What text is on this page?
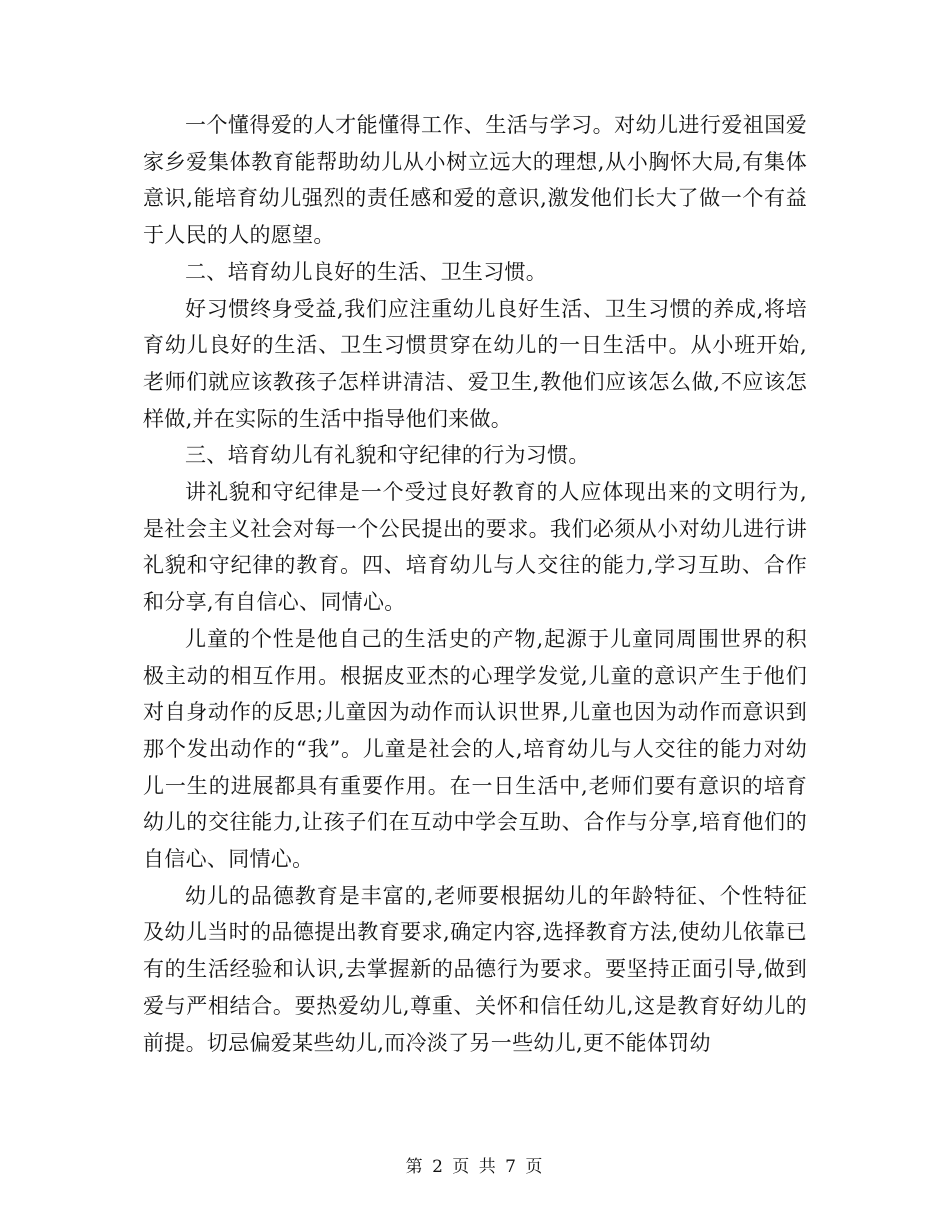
一个懂得爱的人才能懂得工作、生活与学习。对幼儿进行爱祖国爱家乡爱集体教育能帮助幼儿从小树立远大的理想,从小胸怀大局,有集体意识,能培育幼儿强烈的责任感和爱的意识,激发他们长大了做一个有益于人民的人的愿望。

二、培育幼儿良好的生活、卫生习惯。

好习惯终身受益,我们应注重幼儿良好生活、卫生习惯的养成,将培育幼儿良好的生活、卫生习惯贯穿在幼儿的一日生活中。从小班开始,老师们就应该教孩子怎样讲清洁、爱卫生,教他们应该怎么做,不应该怎样做,并在实际的生活中指导他们来做。

三、培育幼儿有礼貌和守纪律的行为习惯。

讲礼貌和守纪律是一个受过良好教育的人应体现出来的文明行为,是社会主义社会对每一个公民提出的要求。我们必须从小对幼儿进行讲礼貌和守纪律的教育。四、培育幼儿与人交往的能力,学习互助、合作和分享,有自信心、同情心。

儿童的个性是他自己的生活史的产物,起源于儿童同周围世界的积极主动的相互作用。根据皮亚杰的心理学发觉,儿童的意识产生于他们对自身动作的反思;儿童因为动作而认识世界,儿童也因为动作而意识到那个发出动作的“我”。儿童是社会的人,培育幼儿与人交往的能力对幼儿一生的进展都具有重要作用。在一日生活中,老师们要有意识的培育幼儿的交往能力,让孩子们在互动中学会互助、合作与分享,培育他们的自信心、同情心。

幼儿的品德教育是丰富的,老师要根据幼儿的年龄特征、个性特征及幼儿当时的品德提出教育要求,确定内容,选择教育方法,使幼儿依靠已有的生活经验和认识,去掌握新的品德行为要求。要坚持正面引导,做到爱与严相结合。要热爱幼儿,尊重、关怀和信任幼儿,这是教育好幼儿的前提。切忌偏爱某些幼儿,而冷淡了另一些幼儿,更不能体罚幼

第 2 页 共 7 页
